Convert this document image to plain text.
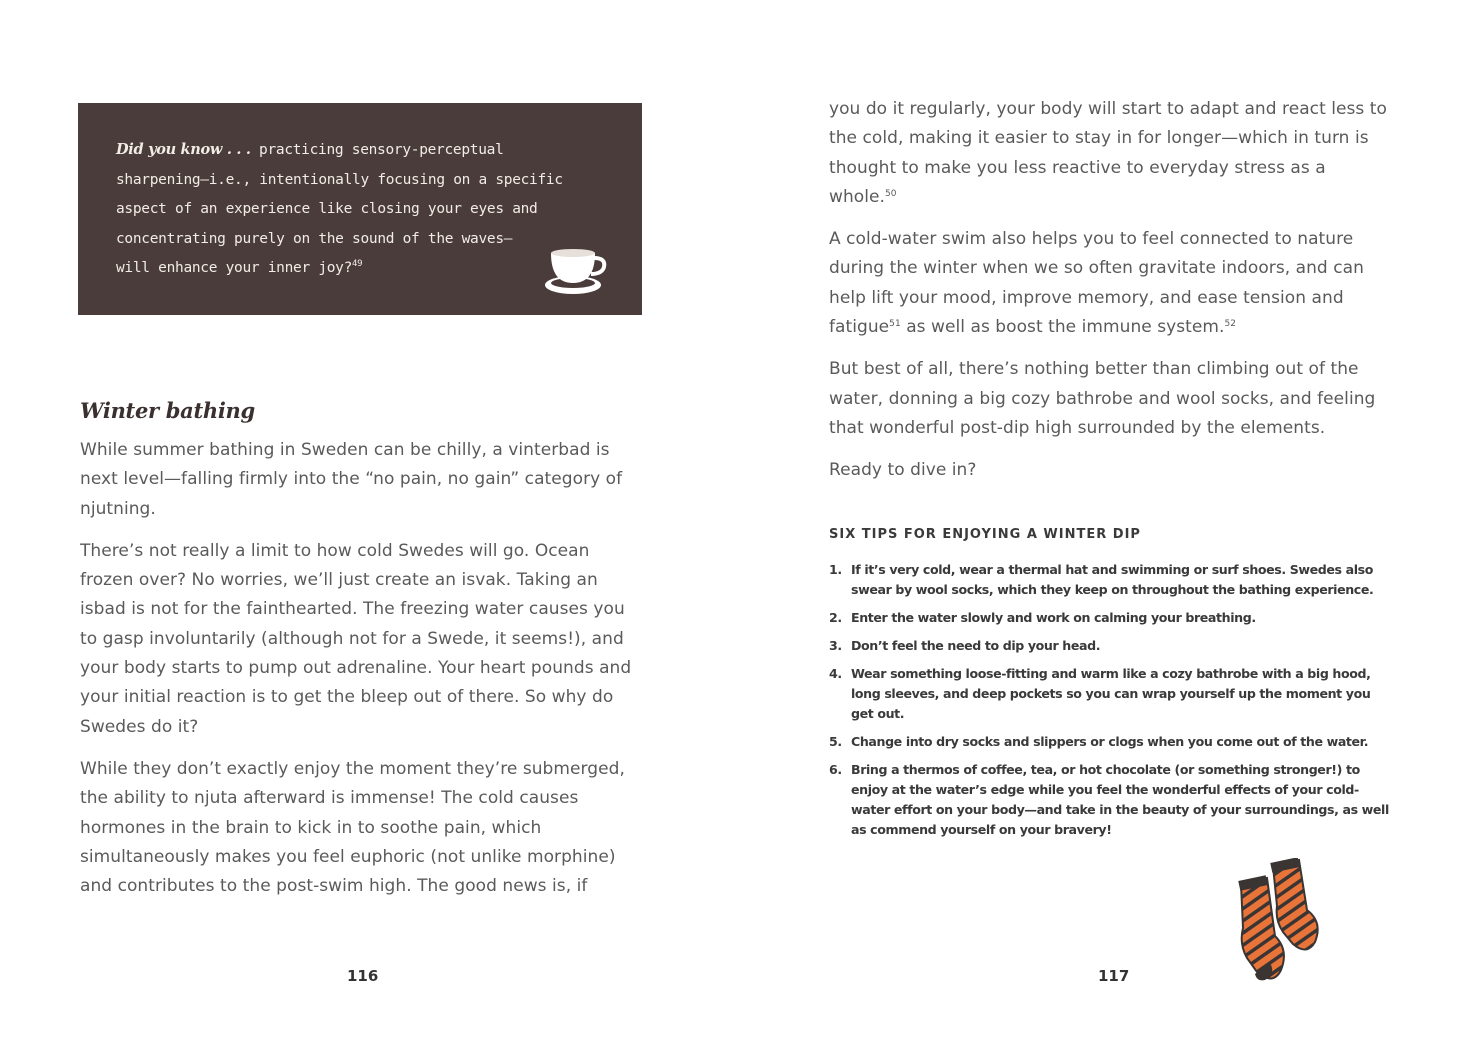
Did you know . . . practicing sensory-perceptual
sharpening—i.e., intentionally focusing on a specific
aspect of an experience like closing your eyes and
concentrating purely on the sound of the waves—
will enhance your inner joy?$^{49}$
Winter bathing

While summer bathing in Sweden can be chilly, a vinterbad is next level—falling firmly into the “no pain, no gain” category of njutning.

There’s not really a limit to how cold Swedes will go. Ocean frozen over? No worries, we’ll just create an isvak. Taking an isbad is not for the fainthearted. The freezing water causes you to gasp involuntarily (although not for a Swede, it seems!), and your body starts to pump out adrenaline. Your heart pounds and your initial reaction is to get the bleep out of there. So why do Swedes do it?

While they don’t exactly enjoy the moment they’re submerged, the ability to njuta afterward is immense! The cold causes hormones in the brain to kick in to soothe pain, which simultaneously makes you feel euphoric (not unlike morphine) and contributes to the post-swim high. The good news is, if

116

you do it regularly, your body will start to adapt and react less to the cold, making it easier to stay in for longer—which in turn is thought to make you less reactive to everyday stress as a whole.$^{50}$

A cold-water swim also helps you to feel connected to nature during the winter when we so often gravitate indoors, and can help lift your mood, improve memory, and ease tension and fatigue$^{51}$ as well as boost the immune system.$^{52}$

But best of all, there’s nothing better than climbing out of the water, donning a big cozy bathrobe and wool socks, and feeling that wonderful post-dip high surrounded by the elements.

Ready to dive in?

SIX TIPS FOR ENJOYING A WINTER DIP
1. If it’s very cold, wear a thermal hat and swimming or surf shoes. Swedes also swear by wool socks, which they keep on throughout the bathing experience.
2. Enter the water slowly and work on calming your breathing.
3. Don’t feel the need to dip your head.
4. Wear something loose-fitting and warm like a cozy bathrobe with a big hood, long sleeves, and deep pockets so you can wrap yourself up the moment you get out.
5. Change into dry socks and slippers or clogs when you come out of the water.
6. Bring a thermos of coffee, tea, or hot chocolate (or something stronger!) to enjoy at the water’s edge while you feel the wonderful effects of your cold-water effort on your body—and take in the beauty of your surroundings, as well as commend yourself on your bravery!
117
